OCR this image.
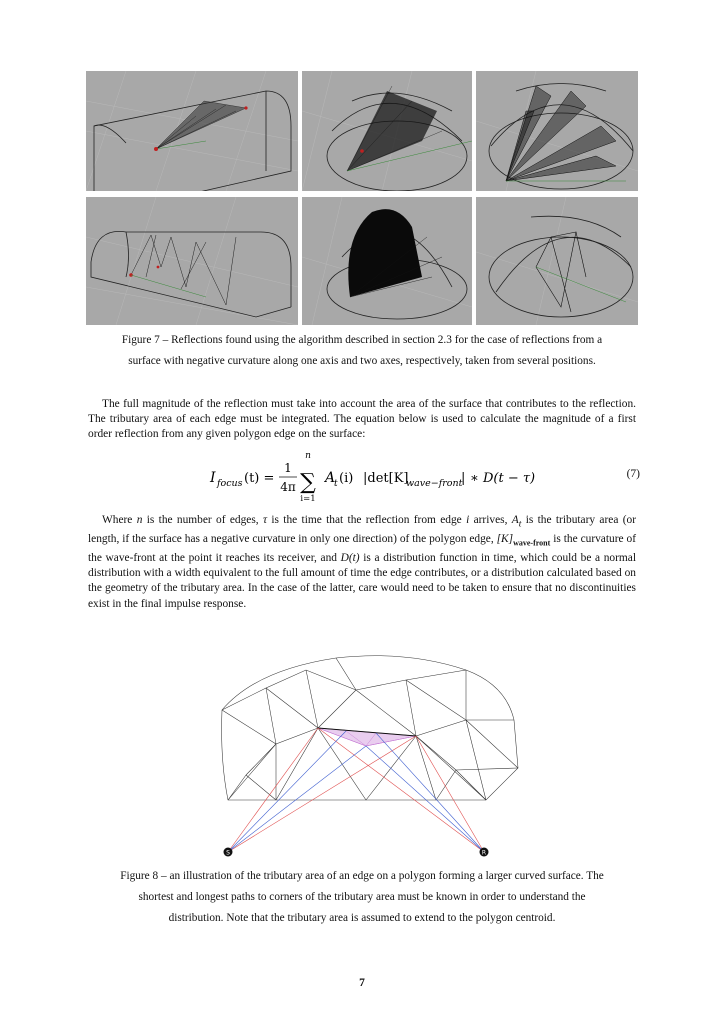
Figure 7 – Reflections found using the algorithm described in section 2.3 for the case of reflections from a
surface with negative curvature along one axis and two axes, respectively, taken from several positions.

The full magnitude of the reflection must take into account the area of the surface that contributes to the reflection. The tributary area of each edge must be integrated. The equation below is used to calculate the magnitude of a first order reflection from any given polygon edge on the surface:

I focus (t) =
1
4π
n
∑
i=1
A
t (i) |det[K]
wave−front
| ∗ D(t − τ)	(7)

Where n is the number of edges, τ is the time that the reflection from edge i arrives, $A_t$ is the tributary area (or length, if the surface has a negative curvature in only one direction) of the polygon edge, $[K]_{wave-front}$ is the curvature of the wave-front at the point it reaches its receiver, and D(t) is a distribution function in time, which could be a normal distribution with a width equivalent to the full amount of time the edge contributes, or a distribution calculated based on the geometry of the tributary area. In the case of the latter, care would need to be taken to ensure that no discontinuities exist in the final impulse response.

S	R
Figure 8 – an illustration of the tributary area of an edge on a polygon forming a larger curved surface. The
shortest and longest paths to corners of the tributary area must be known in order to understand the
distribution. Note that the tributary area is assumed to extend to the polygon centroid.
7
